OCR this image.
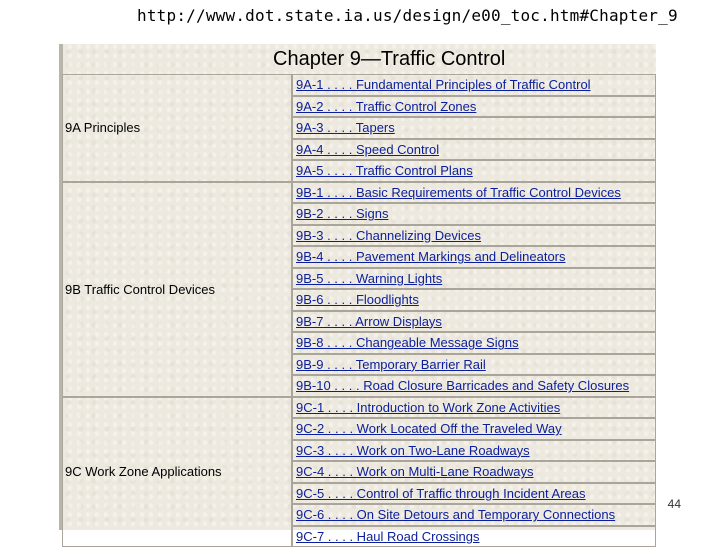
http://www.dot.state.ia.us/design/e00_toc.htm#Chapter_9
Chapter 9—Traffic Control
9A Principles	9A-1 . . . . Fundamental Principles of Traffic Control

	9A-2 . . . . Traffic Control Zones

	9A-3 . . . . Tapers

	9A-4 . . . . Speed Control

	9A-5 . . . . Traffic Control Plans

9B Traffic Control Devices	9B-1 . . . . Basic Requirements of Traffic Control Devices

	9B-2 . . . . Signs

	9B-3 . . . . Channelizing Devices

	9B-4 . . . . Pavement Markings and Delineators

	9B-5 . . . . Warning Lights

	9B-6 . . . . Floodlights

	9B-7 . . . . Arrow Displays

	9B-8 . . . . Changeable Message Signs

	9B-9 . . . . Temporary Barrier Rail

	9B-10 . . . . Road Closure Barricades and Safety Closures

9C Work Zone Applications	9C-1 . . . . Introduction to Work Zone Activities

	9C-2 . . . . Work Located Off the Traveled Way

	9C-3 . . . . Work on Two-Lane Roadways

	9C-4 . . . . Work on Multi-Lane Roadways

	9C-5 . . . . Control of Traffic through Incident Areas

	9C-6 . . . . On Site Detours and Temporary Connections

	9C-7 . . . . Haul Road Crossings
44
